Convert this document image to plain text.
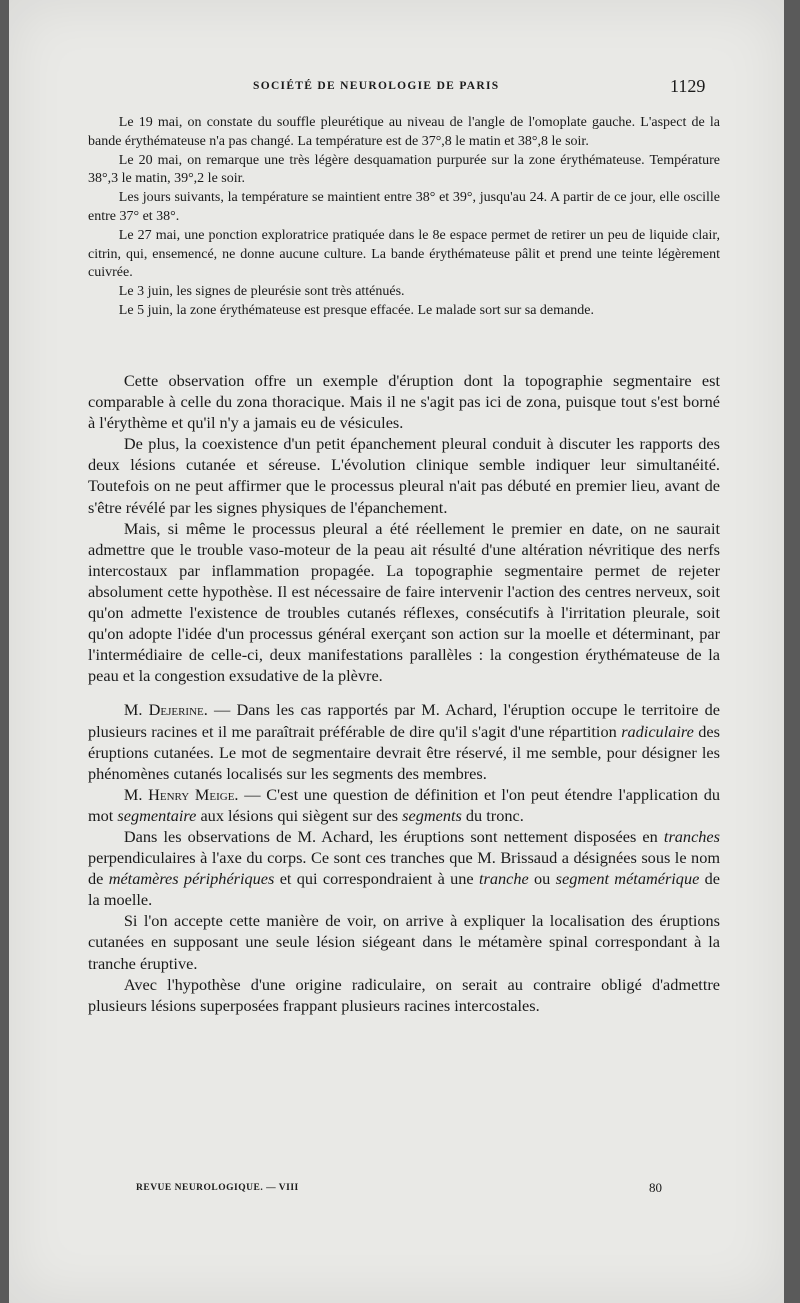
SOCIÉTÉ DE NEUROLOGIE DE PARIS	1129

Le 19 mai, on constate du souffle pleurétique au niveau de l'angle de l'omoplate gauche. L'aspect de la bande érythémateuse n'a pas changé. La température est de 37°,8 le matin et 38°,8 le soir.

Le 20 mai, on remarque une très légère desquamation purpurée sur la zone érythémateuse. Température 38°,3 le matin, 39°,2 le soir.

Les jours suivants, la température se maintient entre 38° et 39°, jusqu'au 24. A partir de ce jour, elle oscille entre 37° et 38°.

Le 27 mai, une ponction exploratrice pratiquée dans le 8e espace permet de retirer un peu de liquide clair, citrin, qui, ensemencé, ne donne aucune culture. La bande érythémateuse pâlit et prend une teinte légèrement cuivrée.

Le 3 juin, les signes de pleurésie sont très atténués.

Le 5 juin, la zone érythémateuse est presque effacée. Le malade sort sur sa demande.

Cette observation offre un exemple d'éruption dont la topographie segmentaire est comparable à celle du zona thoracique. Mais il ne s'agit pas ici de zona, puisque tout s'est borné à l'érythème et qu'il n'y a jamais eu de vésicules.

De plus, la coexistence d'un petit épanchement pleural conduit à discuter les rapports des deux lésions cutanée et séreuse. L'évolution clinique semble indiquer leur simultanéité. Toutefois on ne peut affirmer que le processus pleural n'ait pas débuté en premier lieu, avant de s'être révélé par les signes physiques de l'épanchement.

Mais, si même le processus pleural a été réellement le premier en date, on ne saurait admettre que le trouble vaso-moteur de la peau ait résulté d'une altération névritique des nerfs intercostaux par inflammation propagée. La topographie segmentaire permet de rejeter absolument cette hypothèse. Il est nécessaire de faire intervenir l'action des centres nerveux, soit qu'on admette l'existence de troubles cutanés réflexes, consécutifs à l'irritation pleurale, soit qu'on adopte l'idée d'un processus général exerçant son action sur la moelle et déterminant, par l'intermédiaire de celle-ci, deux manifestations parallèles : la congestion érythémateuse de la peau et la congestion exsudative de la plèvre.

M. Dejerine. — Dans les cas rapportés par M. Achard, l'éruption occupe le territoire de plusieurs racines et il me paraîtrait préférable de dire qu'il s'agit d'une répartition radiculaire des éruptions cutanées. Le mot de segmentaire devrait être réservé, il me semble, pour désigner les phénomènes cutanés localisés sur les segments des membres.

M. Henry Meige. — C'est une question de définition et l'on peut étendre l'application du mot segmentaire aux lésions qui siègent sur des segments du tronc.

Dans les observations de M. Achard, les éruptions sont nettement disposées en tranches perpendiculaires à l'axe du corps. Ce sont ces tranches que M. Brissaud a désignées sous le nom de métamères périphériques et qui correspondraient à une tranche ou segment métamérique de la moelle.

Si l'on accepte cette manière de voir, on arrive à expliquer la localisation des éruptions cutanées en supposant une seule lésion siégeant dans le métamère spinal correspondant à la tranche éruptive.

Avec l'hypothèse d'une origine radiculaire, on serait au contraire obligé d'admettre plusieurs lésions superposées frappant plusieurs racines intercostales.

REVUE NEUROLOGIQUE. — VIII	80
